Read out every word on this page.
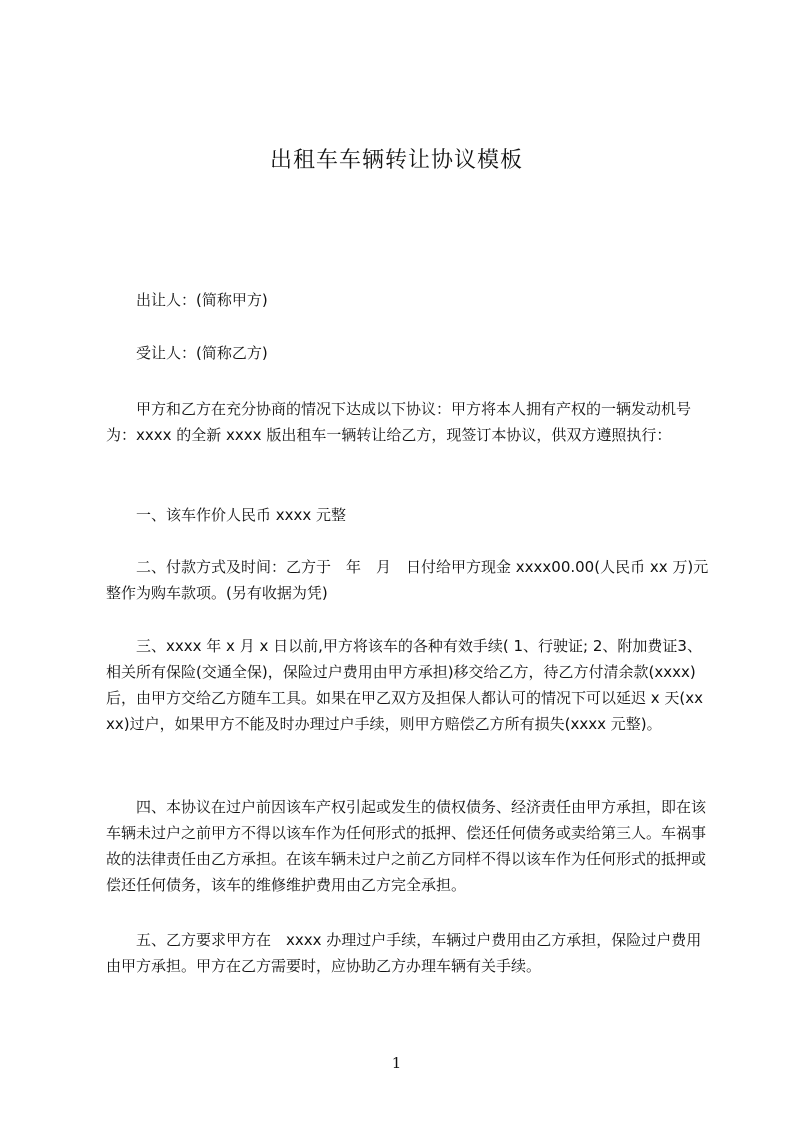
出租车车辆转让协议模板
出让人：(简称甲方)
受让人：(简称乙方)
　　甲方和乙方在充分协商的情况下达成以下协议：甲方将本人拥有产权的一辆发动机号为：xxxx 的全新 xxxx 版出租车一辆转让给乙方，现签订本协议，供双方遵照执行：
　　一、该车作价人民币 xxxx 元整
　　二、付款方式及时间：乙方于　年　月　日付给甲方现金 xxxx00.00(人民币 xx 万)元整作为购车款项。(另有收据为凭)
　　三、xxxx 年 x 月 x 日以前,甲方将该车的各种有效手续( 1、行驶证; 2、附加费证3、相关所有保险(交通全保)，保险过户费用由甲方承担)移交给乙方，待乙方付清余款(xxxx)后，由甲方交给乙方随车工具。如果在甲乙双方及担保人都认可的情况下可以延迟 x 天(xxxx)过户，如果甲方不能及时办理过户手续，则甲方赔偿乙方所有损失(xxxx 元整)。
　　四、本协议在过户前因该车产权引起或发生的债权债务、经济责任由甲方承担，即在该车辆未过户之前甲方不得以该车作为任何形式的抵押、偿还任何债务或卖给第三人。车祸事故的法律责任由乙方承担。在该车辆未过户之前乙方同样不得以该车作为任何形式的抵押或偿还任何债务，该车的维修维护费用由乙方完全承担。
　　五、乙方要求甲方在　xxxx 办理过户手续，车辆过户费用由乙方承担，保险过户费用由甲方承担。甲方在乙方需要时，应协助乙方办理车辆有关手续。
1
